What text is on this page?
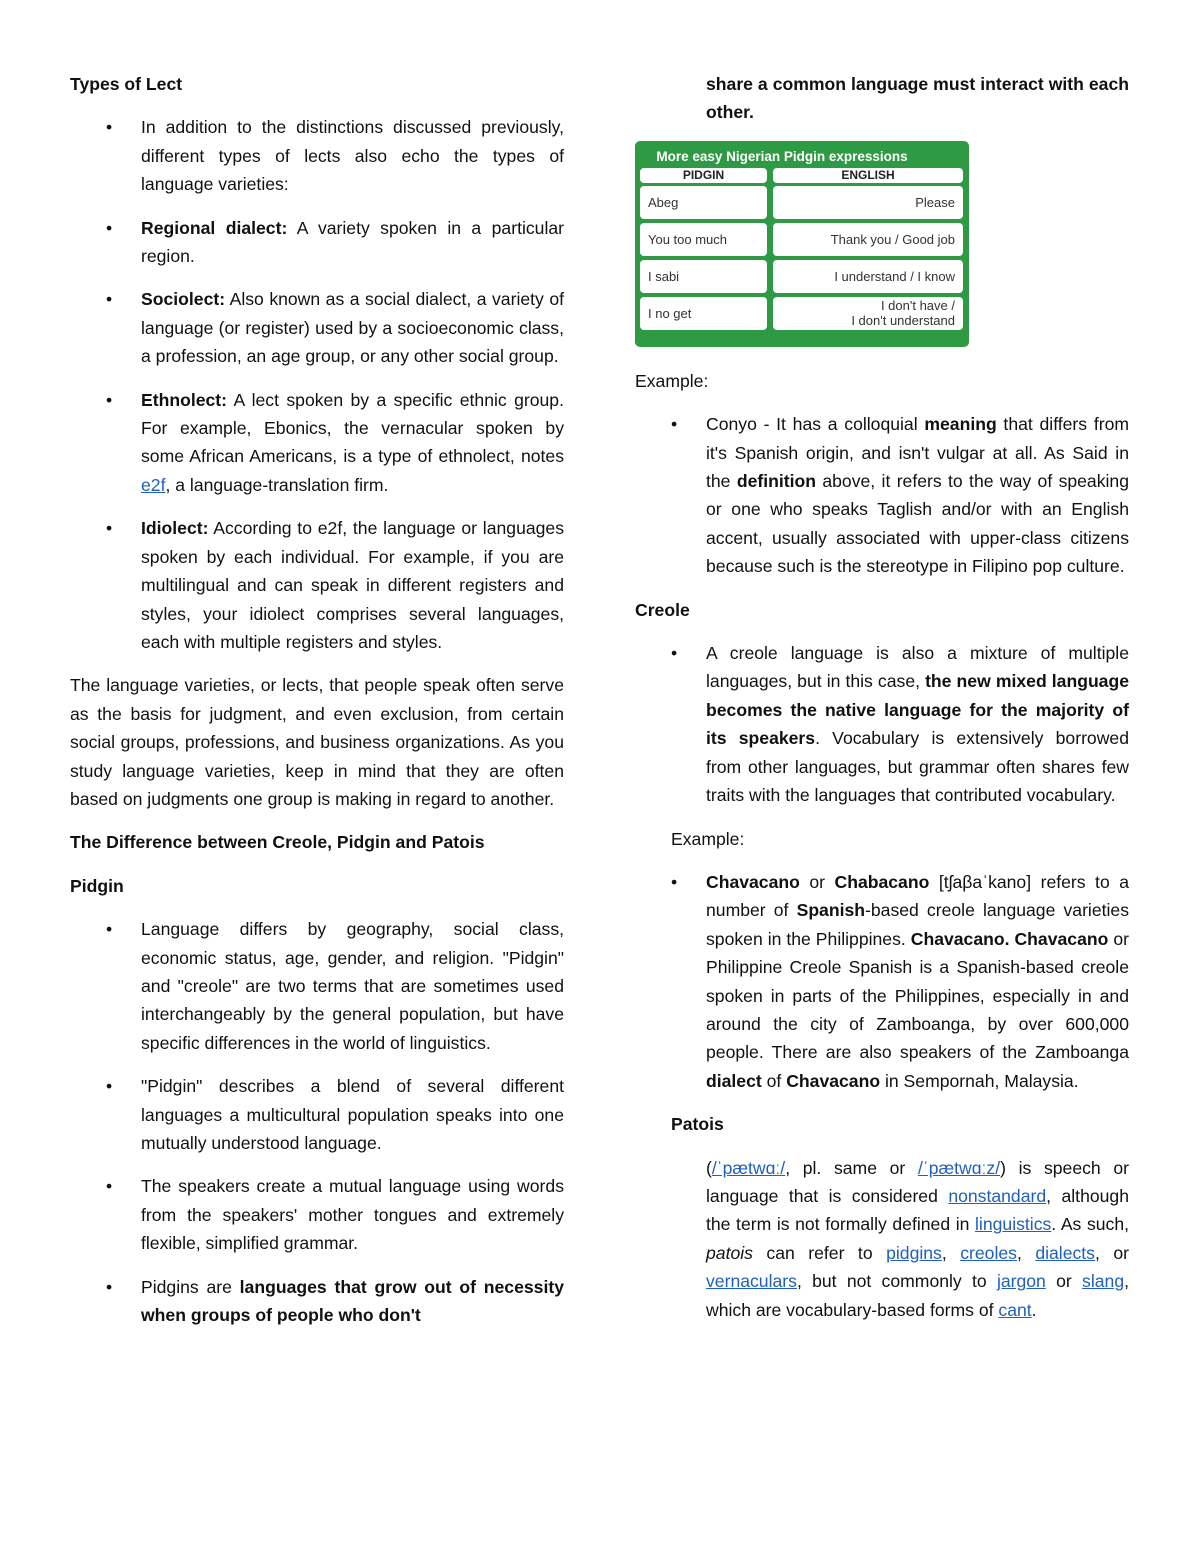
Types of Lect

• In addition to the distinctions discussed previously, different types of lects also echo the types of language varieties:
• Regional dialect: A variety spoken in a particular region.
• Sociolect: Also known as a social dialect, a variety of language (or register) used by a socioeconomic class, a profession, an age group, or any other social group.
• Ethnolect: A lect spoken by a specific ethnic group. For example, Ebonics, the vernacular spoken by some African Americans, is a type of ethnolect, notes e2f, a language-translation firm.
• Idiolect: According to e2f, the language or languages spoken by each individual. For example, if you are multilingual and can speak in different registers and styles, your idiolect comprises several languages, each with multiple registers and styles.

The language varieties, or lects, that people speak often serve as the basis for judgment, and even exclusion, from certain social groups, professions, and business organizations. As you study language varieties, keep in mind that they are often based on judgments one group is making in regard to another.

The Difference between Creole, Pidgin and Patois

Pidgin

• Language differs by geography, social class, economic status, age, gender, and religion. "Pidgin" and "creole" are two terms that are sometimes used interchangeably by the general population, but have specific differences in the world of linguistics.
• "Pidgin" describes a blend of several different languages a multicultural population speaks into one mutually understood language.
• The speakers create a mutual language using words from the speakers' mother tongues and extremely flexible, simplified grammar.
• Pidgins are languages that grow out of necessity when groups of people who don't

share a common language must interact with each other.

More easy Nigerian Pidgin expressions
PIDGIN	ENGLISH
Abeg	Please
You too much	Thank you / Good job
I sabi	I understand / I know
I no get	I don't have /
I don't understand

Example:

• Conyo - It has a colloquial meaning that differs from it's Spanish origin, and isn't vulgar at all. As Said in the definition above, it refers to the way of speaking or one who speaks Taglish and/or with an English accent, usually associated with upper-class citizens because such is the stereotype in Filipino pop culture.

Creole

• A creole language is also a mixture of multiple languages, but in this case, the new mixed language becomes the native language for the majority of its speakers. Vocabulary is extensively borrowed from other languages, but grammar often shares few traits with the languages that contributed vocabulary.

Example:

• Chavacano or Chabacano [tʃaβaˈkano] refers to a number of Spanish-based creole language varieties spoken in the Philippines. Chavacano. Chavacano or Philippine Creole Spanish is a Spanish-based creole spoken in parts of the Philippines, especially in and around the city of Zamboanga, by over 600,000 people. There are also speakers of the Zamboanga dialect of Chavacano in Sempornah, Malaysia.

Patois

(/ˈpætwɑː/, pl. same or /ˈpætwɑːz/) is speech or language that is considered nonstandard, although the term is not formally defined in linguistics. As such, patois can refer to pidgins, creoles, dialects, or vernaculars, but not commonly to jargon or slang, which are vocabulary-based forms of cant.
